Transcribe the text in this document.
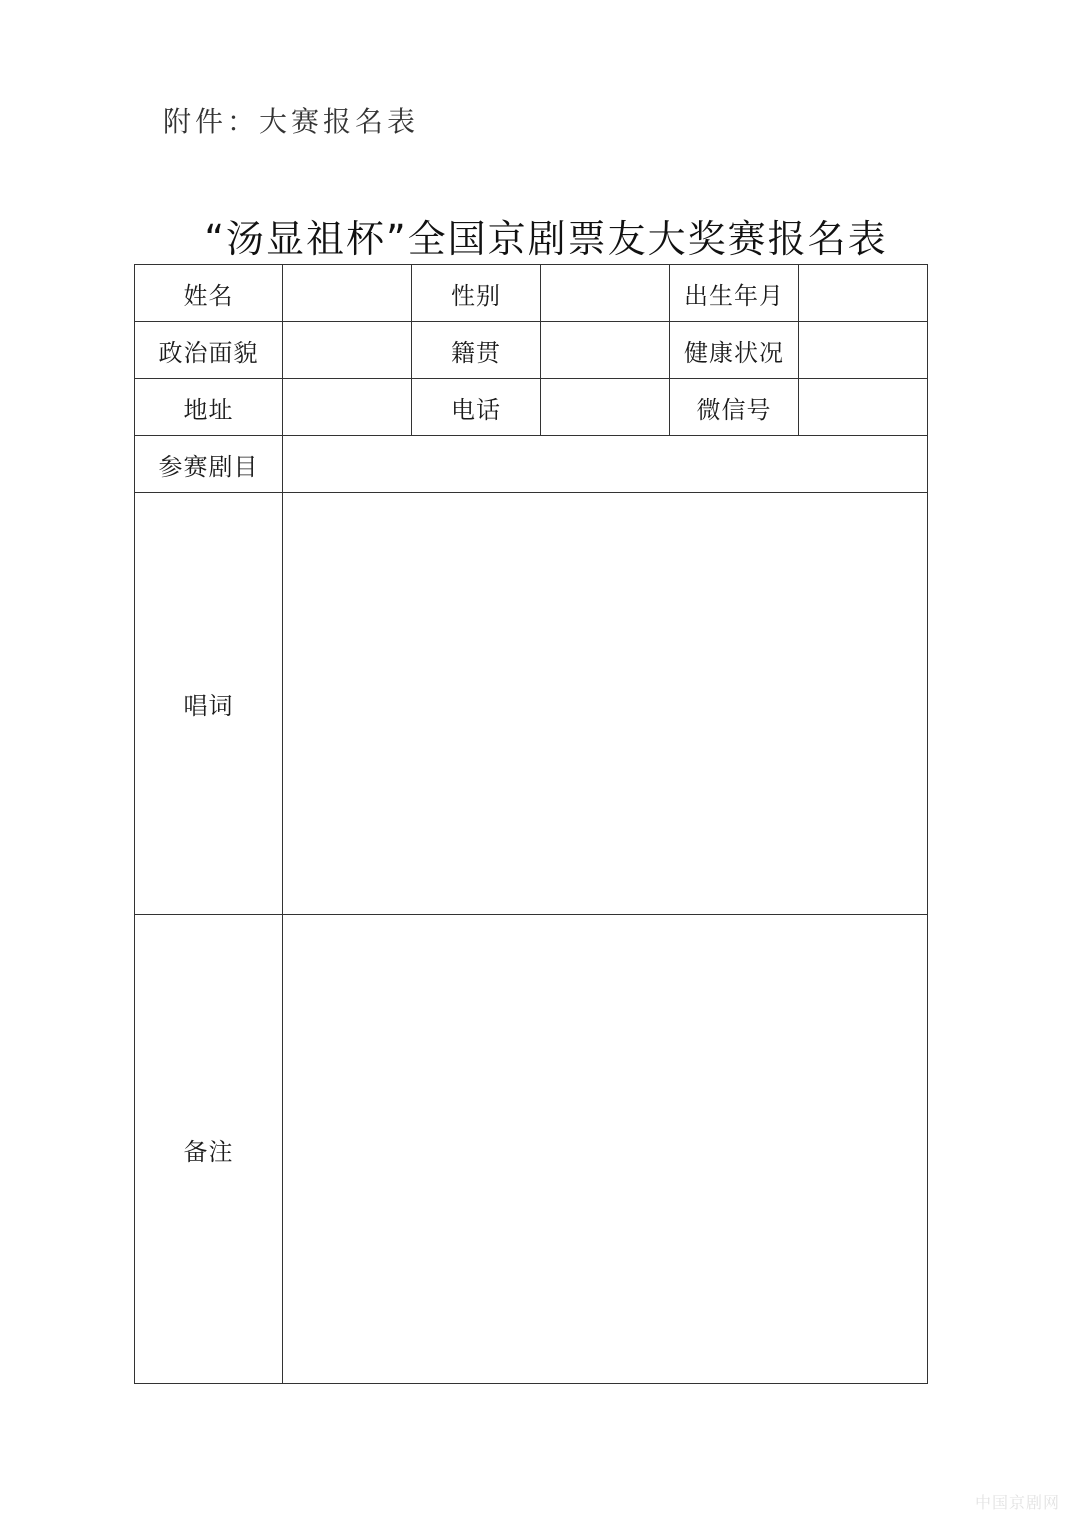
附件：大赛报名表
“汤显祖杯”全国京剧票友大奖赛报名表
姓名		性别		出生年月	
政治面貌		籍贯		健康状况	
地址		电话		微信号	
参赛剧目					
唱词					
备注					
中国京剧网
